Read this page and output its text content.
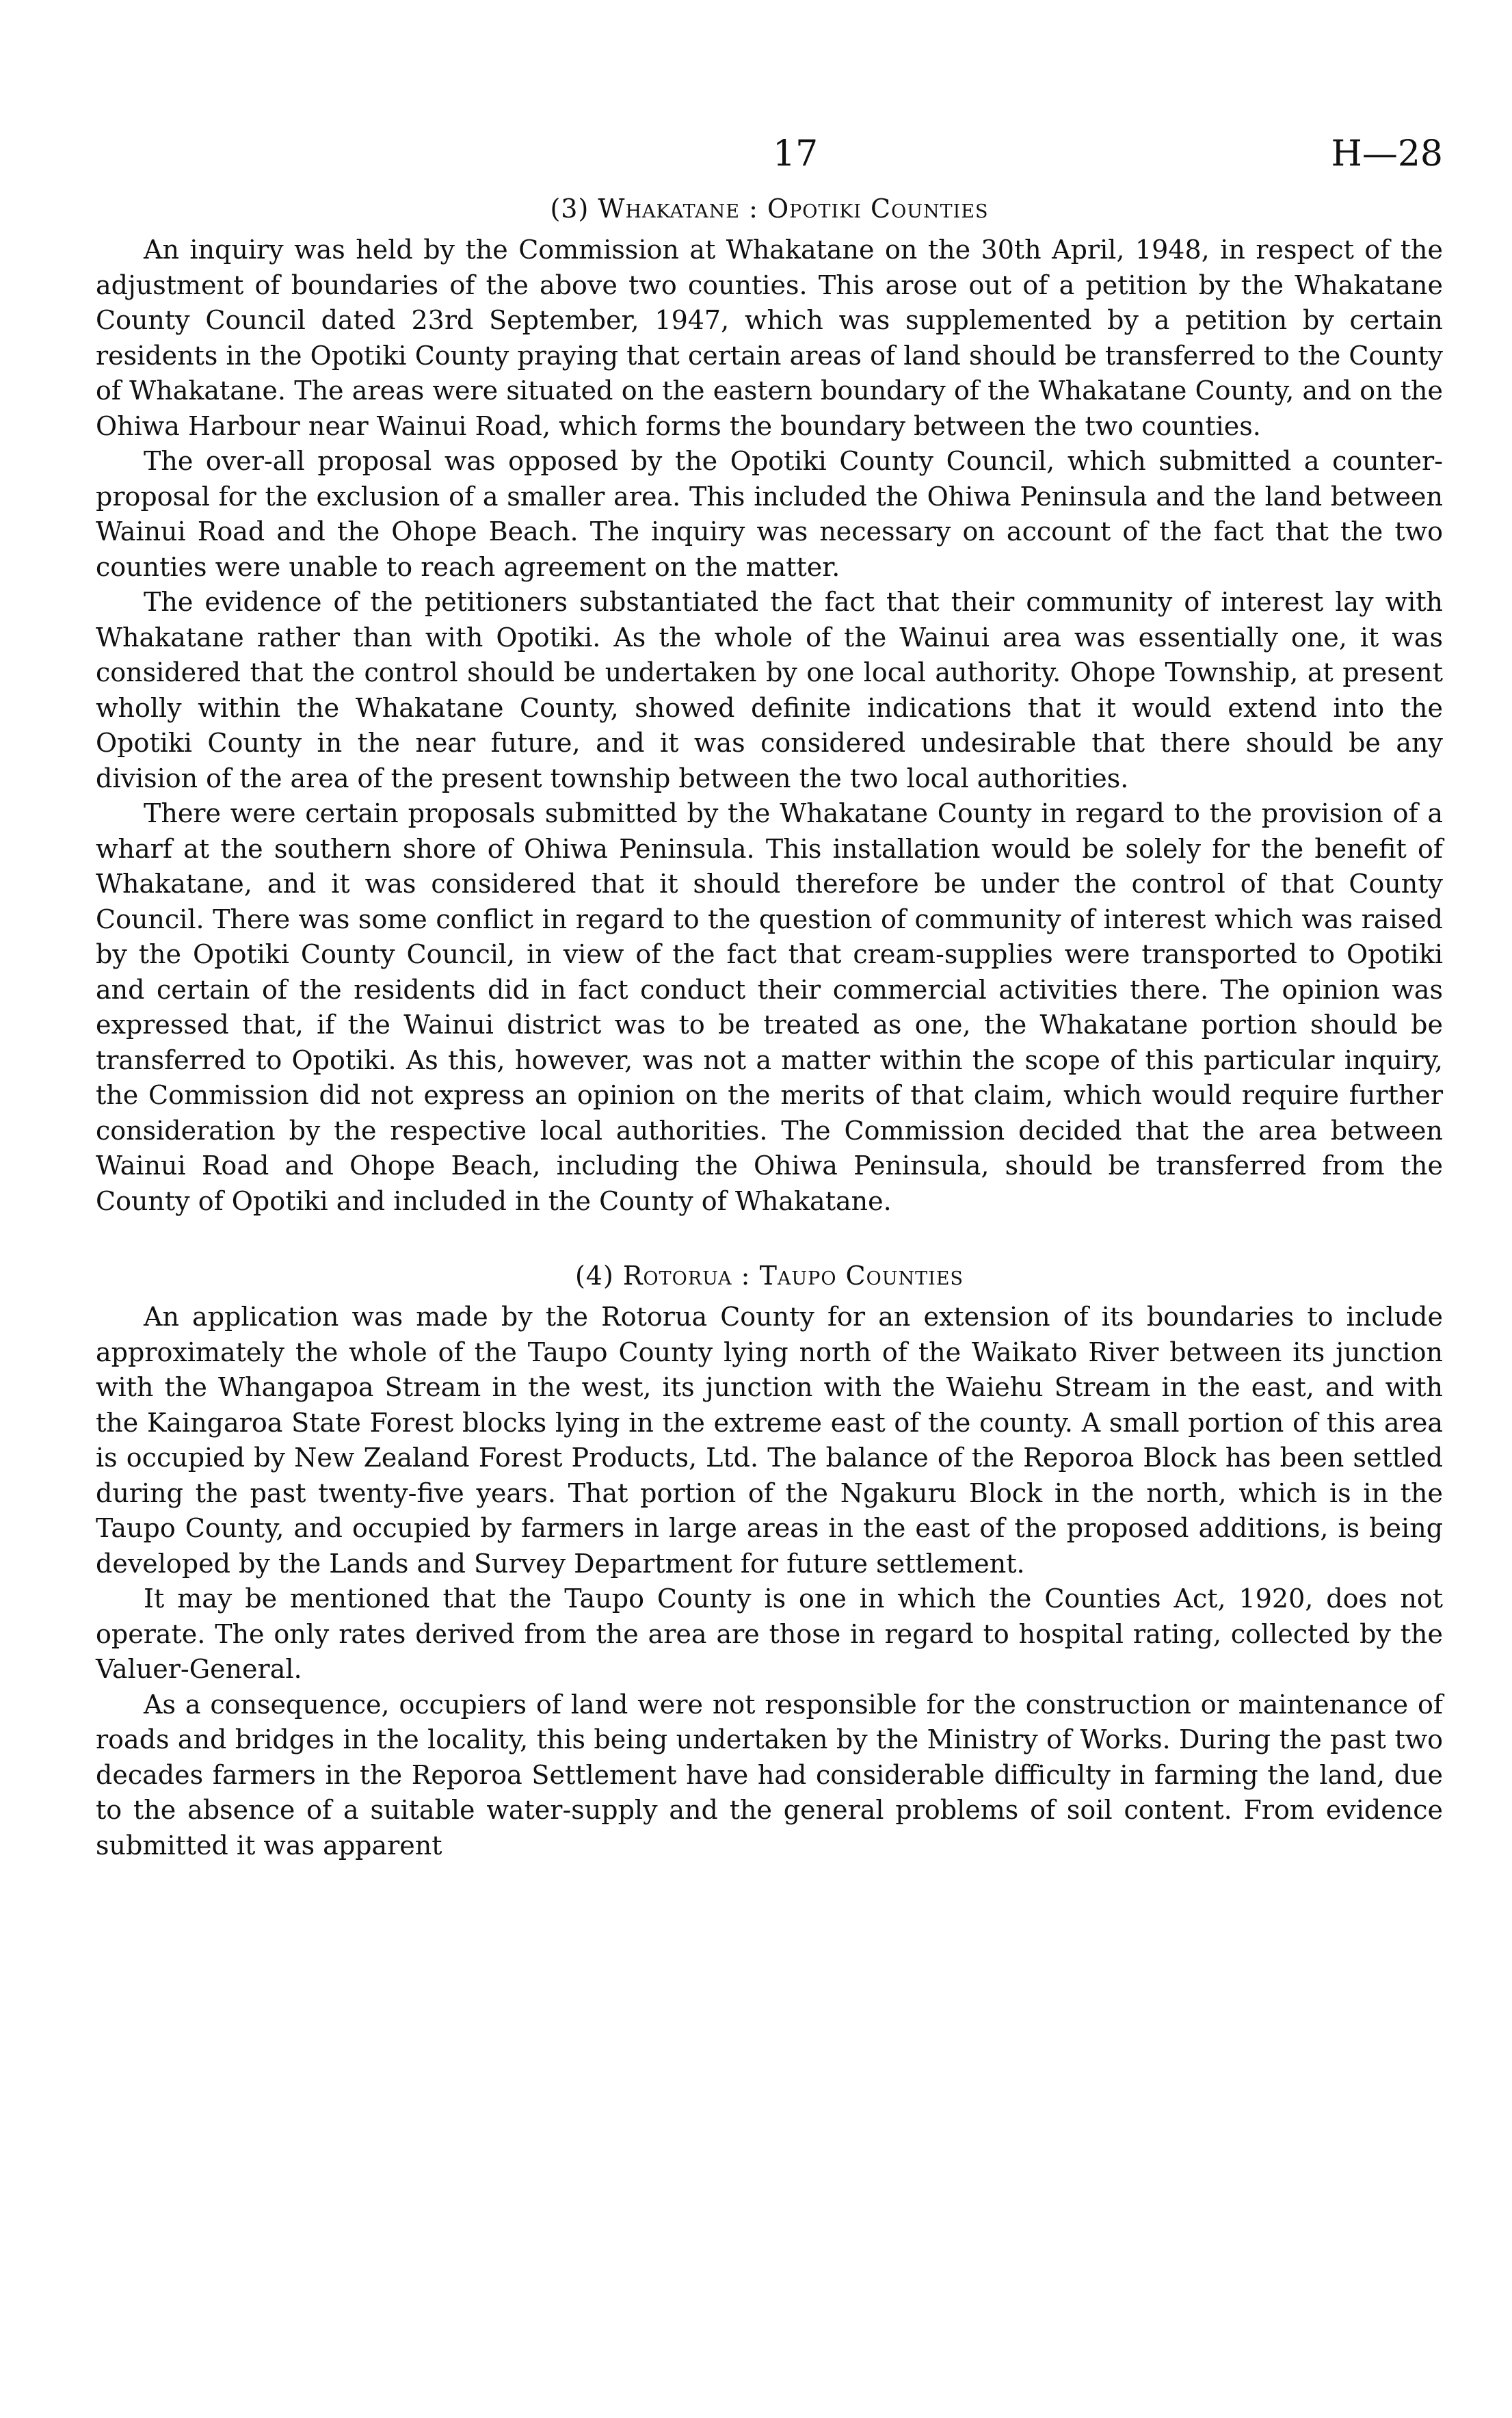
17	H—28
(3) Whakatane : Opotiki Counties

An inquiry was held by the Commission at Whakatane on the 30th April, 1948, in respect of the adjustment of boundaries of the above two counties. This arose out of a petition by the Whakatane County Council dated 23rd September, 1947, which was supplemented by a petition by certain residents in the Opotiki County praying that certain areas of land should be transferred to the County of Whakatane. The areas were situated on the eastern boundary of the Whakatane County, and on the Ohiwa Harbour near Wainui Road, which forms the boundary between the two counties.

The over-all proposal was opposed by the Opotiki County Council, which submitted a counter-proposal for the exclusion of a smaller area. This included the Ohiwa Peninsula and the land between Wainui Road and the Ohope Beach. The inquiry was necessary on account of the fact that the two counties were unable to reach agreement on the matter.

The evidence of the petitioners substantiated the fact that their community of interest lay with Whakatane rather than with Opotiki. As the whole of the Wainui area was essentially one, it was considered that the control should be undertaken by one local authority. Ohope Township, at present wholly within the Whakatane County, showed definite indications that it would extend into the Opotiki County in the near future, and it was considered undesirable that there should be any division of the area of the present township between the two local authorities.

There were certain proposals submitted by the Whakatane County in regard to the provision of a wharf at the southern shore of Ohiwa Peninsula. This installation would be solely for the benefit of Whakatane, and it was considered that it should therefore be under the control of that County Council. There was some conflict in regard to the question of community of interest which was raised by the Opotiki County Council, in view of the fact that cream-supplies were transported to Opotiki and certain of the residents did in fact conduct their commercial activities there. The opinion was expressed that, if the Wainui district was to be treated as one, the Whakatane portion should be transferred to Opotiki. As this, however, was not a matter within the scope of this particular inquiry, the Commission did not express an opinion on the merits of that claim, which would require further consideration by the respective local authorities. The Commission decided that the area between Wainui Road and Ohope Beach, including the Ohiwa Peninsula, should be transferred from the County of Opotiki and included in the County of Whakatane.

(4) Rotorua : Taupo Counties

An application was made by the Rotorua County for an extension of its boundaries to include approximately the whole of the Taupo County lying north of the Waikato River between its junction with the Whangapoa Stream in the west, its junction with the Waiehu Stream in the east, and with the Kaingaroa State Forest blocks lying in the extreme east of the county. A small portion of this area is occupied by New Zealand Forest Products, Ltd. The balance of the Reporoa Block has been settled during the past twenty-five years. That portion of the Ngakuru Block in the north, which is in the Taupo County, and occupied by farmers in large areas in the east of the proposed additions, is being developed by the Lands and Survey Department for future settlement.

It may be mentioned that the Taupo County is one in which the Counties Act, 1920, does not operate. The only rates derived from the area are those in regard to hospital rating, collected by the Valuer-General.

As a consequence, occupiers of land were not responsible for the construction or maintenance of roads and bridges in the locality, this being undertaken by the Ministry of Works. During the past two decades farmers in the Reporoa Settlement have had considerable difficulty in farming the land, due to the absence of a suitable water-supply and the general problems of soil content. From evidence submitted it was apparent
